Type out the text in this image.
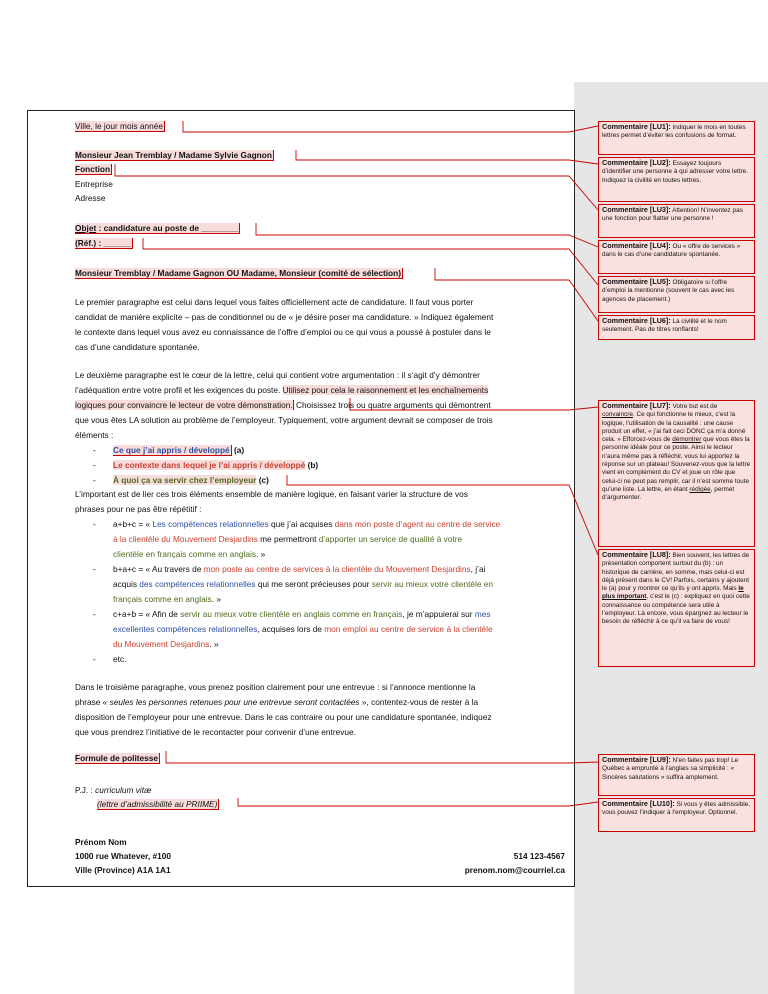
Ville, le jour mois année
Monsieur Jean Tremblay / Madame Sylvie Gagnon
Fonction
Entreprise
Adresse
Objet : candidature au poste de ________
(Réf.) : ______
Monsieur Tremblay / Madame Gagnon OU Madame, Monsieur (comité de sélection)
Le premier paragraphe est celui dans lequel vous faites officiellement acte de candidature. Il faut vous porter
candidat de manière explicite – pas de conditionnel ou de « je désire poser ma candidature. » Indiquez également
le contexte dans lequel vous avez eu connaissance de l’offre d’emploi ou ce qui vous a poussé à postuler dans le
cas d’une candidature spontanée.
Le deuxième paragraphe est le cœur de la lettre, celui qui contient votre argumentation : il s’agit d’y démontrer
l’adéquation entre votre profil et les exigences du poste. Utilisez pour cela le raisonnement et les enchaînements
logiques pour convaincre le lecteur de votre démonstration. Choisissez trois ou quatre arguments qui démontrent
que vous êtes LA solution au problème de l’employeur. Typiquement, votre argument devrait se composer de trois
éléments :
- Ce que j’ai appris / développé (a)
- Le contexte dans lequel je l’ai appris / développé (b)
- À quoi ça va servir chez l’employeur (c)
L’important est de lier ces trois éléments ensemble de manière logique, en faisant varier la structure de vos
phrases pour ne pas être répétitif :
- a+b+c = « Les compétences relationnelles que j’ai acquises dans mon poste d’agent au centre de service
à la clientèle du Mouvement Desjardins me permettront d’apporter un service de qualité à votre
clientèle en français comme en anglais. »
- b+a+c = « Au travers de mon poste au centre de services à la clientèle du Mouvement Desjardins, j’ai
acquis des compétences relationnelles qui me seront précieuses pour servir au mieux votre clientèle en
français comme en anglais. »
- c+a+b = « Afin de servir au mieux votre clientèle en anglais comme en français, je m’appuierai sur mes
excellentes compétences relationnelles, acquises lors de mon emploi au centre de service à la clientèle
du Mouvement Desjardins. »
- etc.
Dans le troisième paragraphe, vous prenez position clairement pour une entrevue : si l’annonce mentionne la
phrase « seules les personnes retenues pour une entrevue seront contactées », contentez-vous de rester à la
disposition de l’employeur pour une entrevue. Dans le cas contraire ou pour une candidature spontanée, indiquez
que vous prendrez l’initiative de le recontacter pour convenir d’une entrevue.
Formule de politesse
P.J. : curriculum vitæ
(lettre d’admissibilité au PRIIME)
Prénom Nom
1000 rue Whatever, #100
Ville (Province) A1A 1A1
514 123-4567
prenom.nom@courriel.ca
Commentaire [LU1]: Indiquer le mois en toutes lettres permet d’éviter les confusions de format.
Commentaire [LU2]: Essayez toujours d’identifier une personne à qui adresser votre lettre. Indiquez la civilité en toutes lettres.
Commentaire [LU3]: Attention! N’inventez pas une fonction pour flatter une personne !
Commentaire [LU4]: Ou « offre de services » dans le cas d’une candidature spontanée.
Commentaire [LU5]: Obligatoire si l’offre d’emploi la mentionne (souvent le cas avec les agences de placement.)
Commentaire [LU6]: La civilité et le nom seulement. Pas de titres ronflants!
Commentaire [LU7]: Votre but est de convaincre. Ce qui fonctionne le mieux, c’est la logique, l’utilisation de la causalité : une cause produit un effet, « j’ai fait ceci DONC ça m’a donné cela. » Efforcez-vous de démontrer que vous êtes la personne idéale pour ce poste. Ainsi le lecteur n’aura même pas à réfléchir, vous lui apportez la réponse sur un plateau! Souvenez-vous que la lettre vient en complément du CV et joue un rôle que celui-ci ne peut pas remplir, car il n’est somme toute qu’une liste. La lettre, en étant rédigée, permet d’argumenter.
Commentaire [LU8]: Bien souvent, les lettres de présentation comportent surtout du (b) : un historique de carrière, en somme, mais celui-ci est déjà présent dans le CV! Parfois, certains y ajoutent le (a) pour y montrer ce qu’ils y ont appris. Mais le plus important, c’est le (c) : expliquez en quoi cette connaissance ou compétence sera utile à l’employeur. Là encore, vous épargnez au lecteur le besoin de réfléchir à ce qu’il va faire de vous!
Commentaire [LU9]: N’en faites pas trop! Le Québec a emprunté à l’anglais sa simplicité : « Sincères salutations » suffira amplement.
Commentaire [LU10]: Si vous y êtes admissible, vous pouvez l’indiquer à l’employeur. Optionnel.
